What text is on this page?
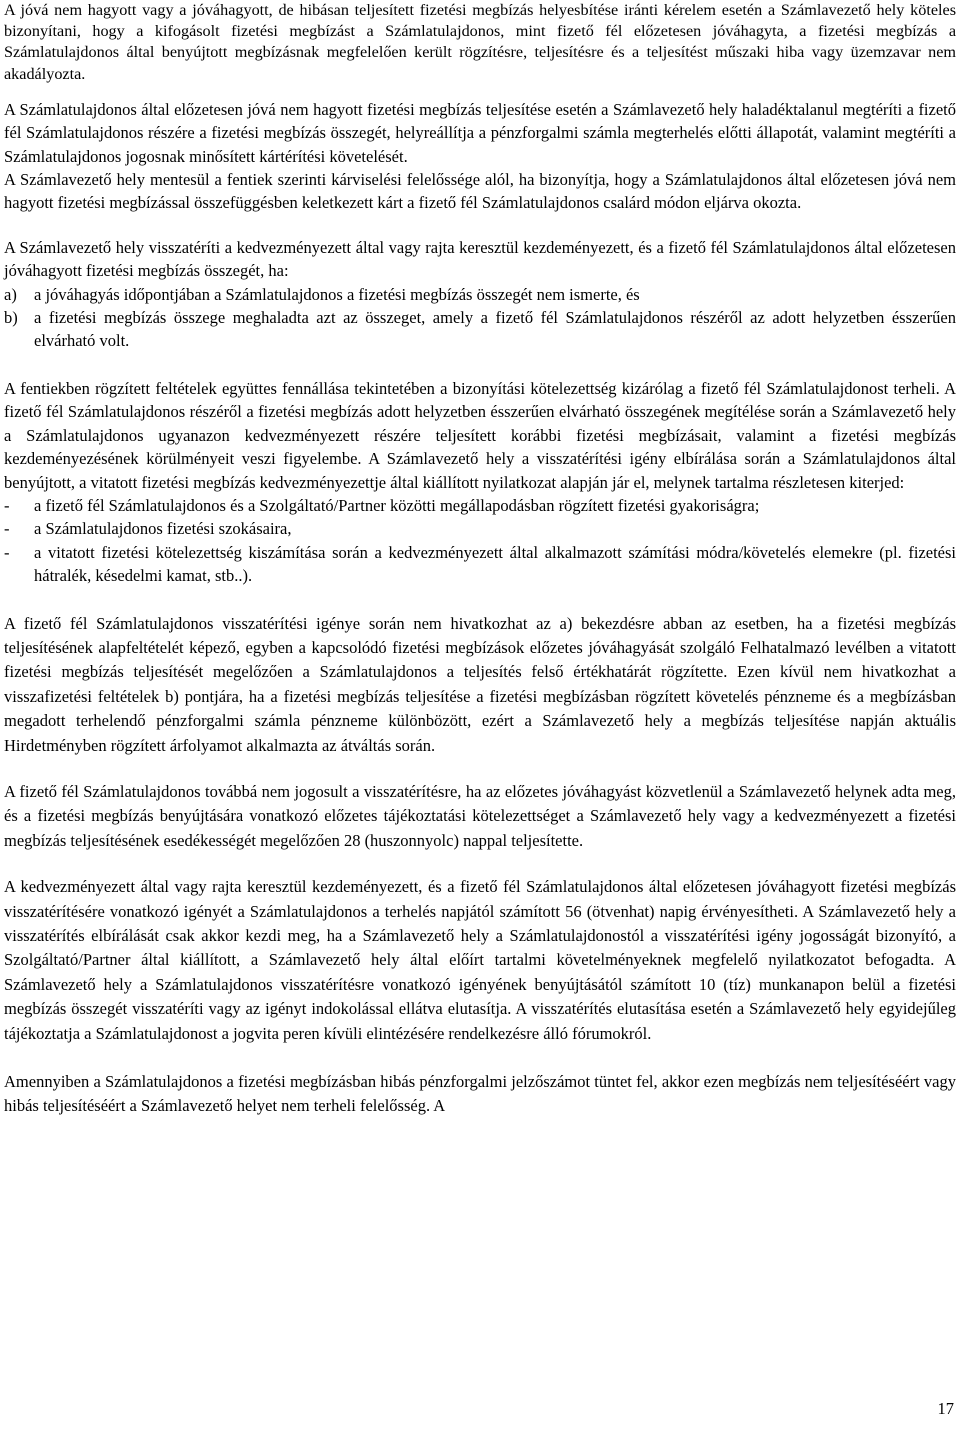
A jóvá nem hagyott vagy a jóváhagyott, de hibásan teljesített fizetési megbízás helyesbítése iránti kérelem esetén a Számlavezető hely köteles bizonyítani, hogy a kifogásolt fizetési megbízást a Számlatulajdonos, mint fizető fél előzetesen jóváhagyta, a fizetési megbízás a Számlatulajdonos által benyújtott megbízásnak megfelelően került rögzítésre, teljesítésre és a teljesítést műszaki hiba vagy üzemzavar nem akadályozta.

A Számlatulajdonos által előzetesen jóvá nem hagyott fizetési megbízás teljesítése esetén a Számlavezető hely haladéktalanul megtéríti a fizető fél Számlatulajdonos részére a fizetési megbízás összegét, helyreállítja a pénzforgalmi számla megterhelés előtti állapotát, valamint megtéríti a Számlatulajdonos jogosnak minősített kártérítési követelését.

A Számlavezető hely mentesül a fentiek szerinti kárviselési felelőssége alól, ha bizonyítja, hogy a Számlatulajdonos által előzetesen jóvá nem hagyott fizetési megbízással összefüggésben keletkezett kárt a fizető fél Számlatulajdonos csalárd módon eljárva okozta.

A Számlavezető hely visszatéríti a kedvezményezett által vagy rajta keresztül kezdeményezett, és a fizető fél Számlatulajdonos által előzetesen jóváhagyott fizetési megbízás összegét, ha:

a)	a jóváhagyás időpontjában a Számlatulajdonos a fizetési megbízás összegét nem ismerte, és
b) a fizetési megbízás összege meghaladta azt az összeget, amely a fizető fél Számlatulajdonos részéről az adott helyzetben ésszerűen elvárható volt.

A fentiekben rögzített feltételek együttes fennállása tekintetében a bizonyítási kötelezettség kizárólag a fizető fél Számlatulajdonost terheli. A fizető fél Számlatulajdonos részéről a fizetési megbízás adott helyzetben ésszerűen elvárható összegének megítélése során a Számlavezető hely a Számlatulajdonos ugyanazon kedvezményezett részére teljesített korábbi fizetési megbízásait, valamint a fizetési megbízás kezdeményezésének körülményeit veszi figyelembe. A Számlavezető hely a visszatérítési igény elbírálása során a Számlatulajdonos által benyújtott, a vitatott fizetési megbízás kedvezményezettje által kiállított nyilatkozat alapján jár el, melynek tartalma részletesen kiterjed:

-	a fizető fél Számlatulajdonos és a Szolgáltató/Partner közötti megállapodásban rögzített fizetési gyakoriságra;
-	a Számlatulajdonos fizetési szokásaira,
-	a vitatott fizetési kötelezettség kiszámítása során a kedvezményezett által alkalmazott számítási módra/követelés elemekre (pl. fizetési hátralék, késedelmi kamat, stb..).

A fizető fél Számlatulajdonos visszatérítési igénye során nem hivatkozhat az a) bekezdésre abban az esetben, ha a fizetési megbízás teljesítésének alapfeltételét képező, egyben a kapcsolódó fizetési megbízások előzetes jóváhagyását szolgáló Felhatalmazó levélben a vitatott fizetési megbízás teljesítését megelőzően a Számlatulajdonos a teljesítés felső értékhatárát rögzítette. Ezen kívül nem hivatkozhat a visszafizetési feltételek b) pontjára, ha a fizetési megbízás teljesítése a fizetési megbízásban rögzített követelés pénzneme és a megbízásban megadott terhelendő pénzforgalmi számla pénzneme különbözött, ezért a Számlavezető hely a megbízás teljesítése napján aktuális Hirdetményben rögzített árfolyamot alkalmazta az átváltás során.

A fizető fél Számlatulajdonos továbbá nem jogosult a visszatérítésre, ha az előzetes jóváhagyást közvetlenül a Számlavezető helynek adta meg, és a fizetési megbízás benyújtására vonatkozó előzetes tájékoztatási kötelezettséget a Számlavezető hely vagy a kedvezményezett a fizetési megbízás teljesítésének esedékességét megelőzően 28 (huszonnyolc) nappal teljesítette.

A kedvezményezett által vagy rajta keresztül kezdeményezett, és a fizető fél Számlatulajdonos által előzetesen jóváhagyott fizetési megbízás visszatérítésére vonatkozó igényét a Számlatulajdonos a terhelés napjától számított 56 (ötvenhat) napig érvényesítheti. A Számlavezető hely a visszatérítés elbírálását csak akkor kezdi meg, ha a Számlavezető hely a Számlatulajdonostól a visszatérítési igény jogosságát bizonyító, a Szolgáltató/Partner által kiállított, a Számlavezető hely által előírt tartalmi követelményeknek megfelelő nyilatkozatot befogadta. A Számlavezető hely a Számlatulajdonos visszatérítésre vonatkozó igényének benyújtásától számított 10 (tíz) munkanapon belül a fizetési megbízás összegét visszatéríti vagy az igényt indokolással ellátva elutasítja. A visszatérítés elutasítása esetén a Számlavezető hely egyidejűleg tájékoztatja a Számlatulajdonost a jogvita peren kívüli elintézésére rendelkezésre álló fórumokról.

Amennyiben a Számlatulajdonos a fizetési megbízásban hibás pénzforgalmi jelzőszámot tüntet fel, akkor ezen megbízás nem teljesítéséért vagy hibás teljesítéséért a Számlavezető helyet nem terheli felelősség. A

17
